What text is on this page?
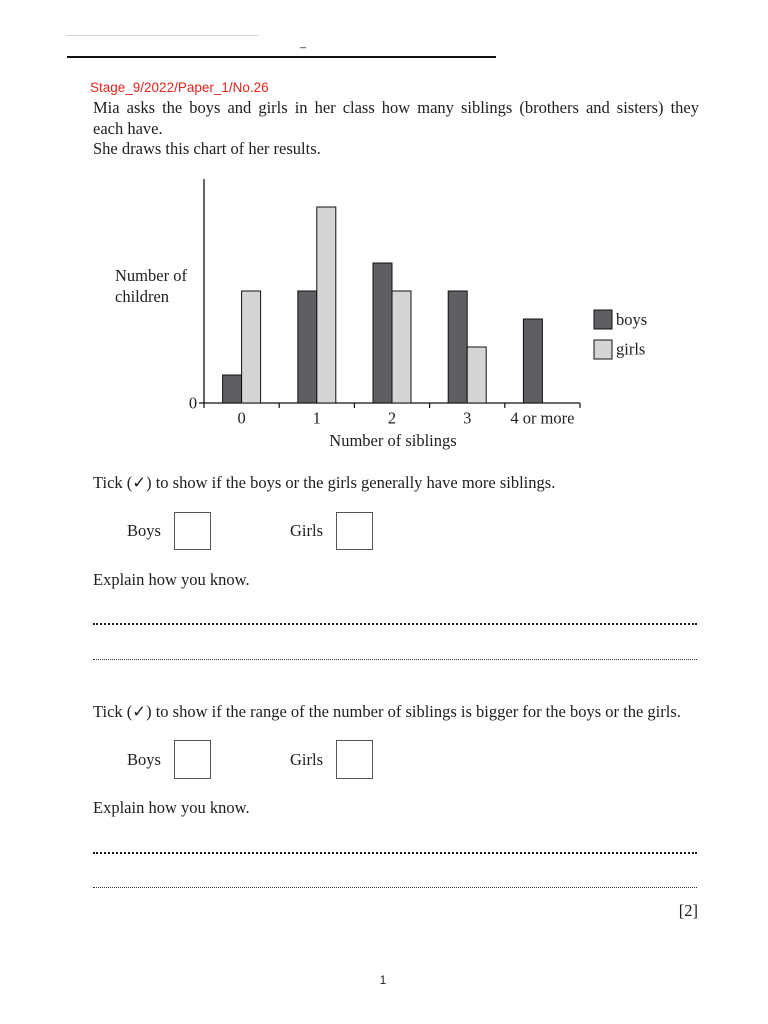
_
Stage_9/2022/Paper_1/No.26
Mia asks the boys and girls in her class how many siblings (brothers and sisters) they
each have.
She draws this chart of her results.
Number of children
boys
girls
0	1	2	3 4 or more
0
Number of siblings
Tick (✓) to show if the boys or the girls generally have more siblings.
Boys	Girls
Explain how you know.
Tick (✓) to show if the range of the number of siblings is bigger for the boys or the girls.
Boys	Girls
Explain how you know.
[2]
1
